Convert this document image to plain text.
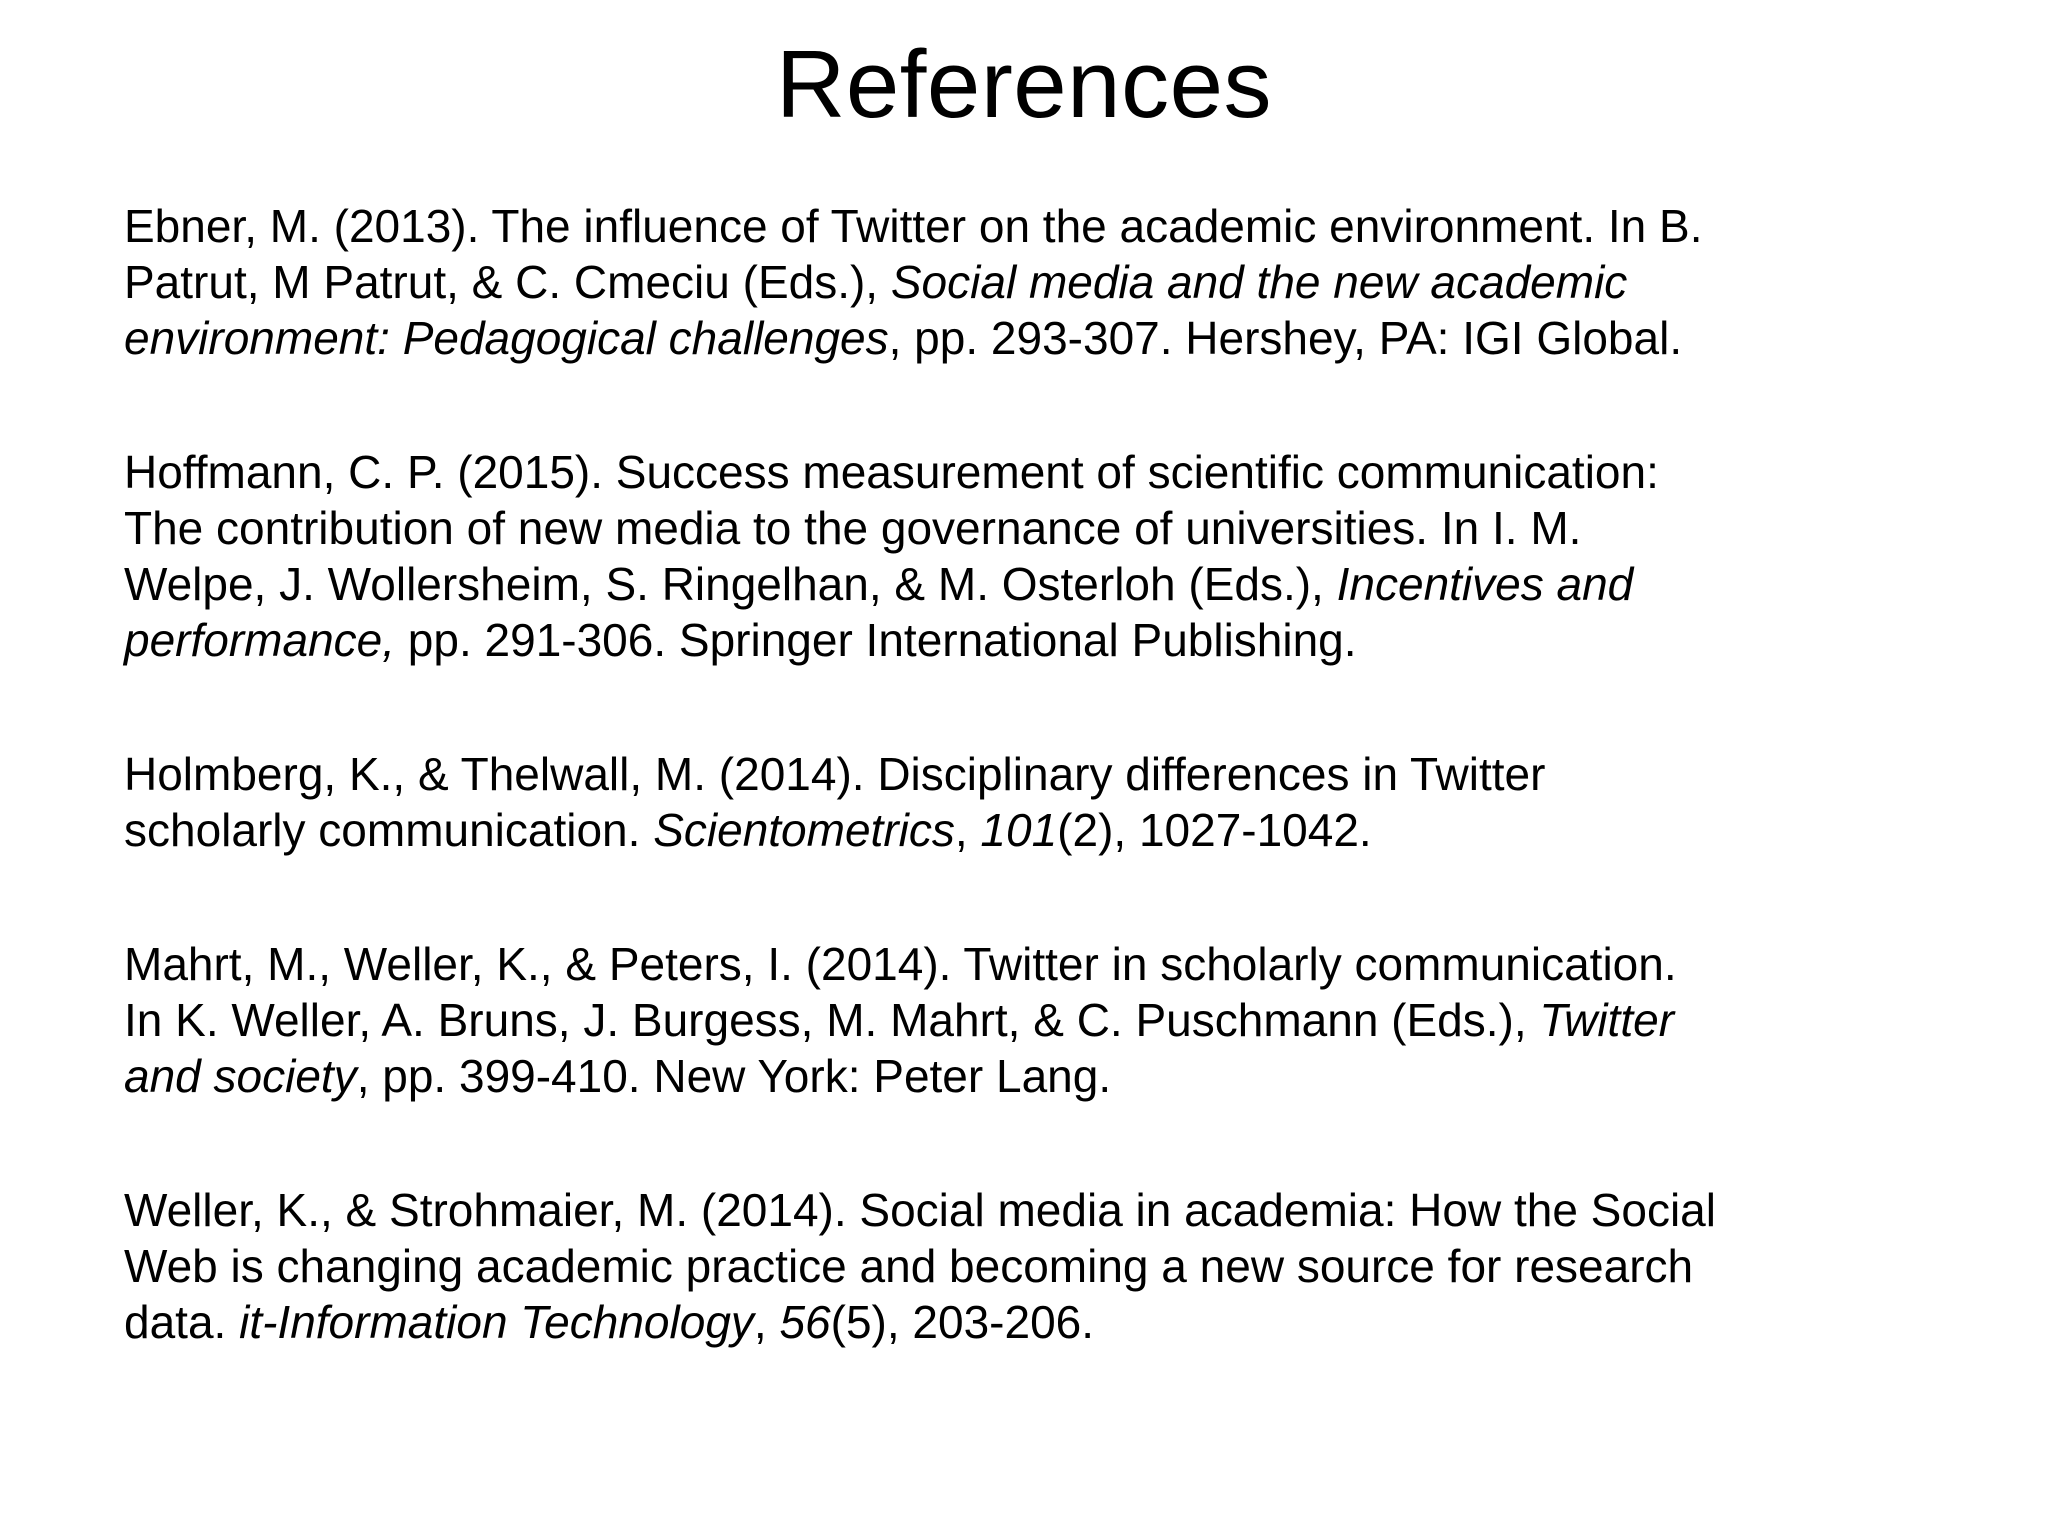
References
Ebner, M. (2013). The influence of Twitter on the academic environment. In B.
Patrut, M Patrut, & C. Cmeciu (Eds.), Social media and the new academic
environment: Pedagogical challenges, pp. 293-307. Hershey, PA: IGI Global.
Hoffmann, C. P. (2015). Success measurement of scientific communication:
The contribution of new media to the governance of universities. In I. M.
Welpe, J. Wollersheim, S. Ringelhan, & M. Osterloh (Eds.), Incentives and
performance, pp. 291-306. Springer International Publishing.
Holmberg, K., & Thelwall, M. (2014). Disciplinary differences in Twitter
scholarly communication. Scientometrics, 101(2), 1027-1042.
Mahrt, M., Weller, K., & Peters, I. (2014). Twitter in scholarly communication.
In K. Weller, A. Bruns, J. Burgess, M. Mahrt, & C. Puschmann (Eds.), Twitter
and society, pp. 399-410. New York: Peter Lang.
Weller, K., & Strohmaier, M. (2014). Social media in academia: How the Social
Web is changing academic practice and becoming a new source for research
data. it-Information Technology, 56(5), 203-206.
